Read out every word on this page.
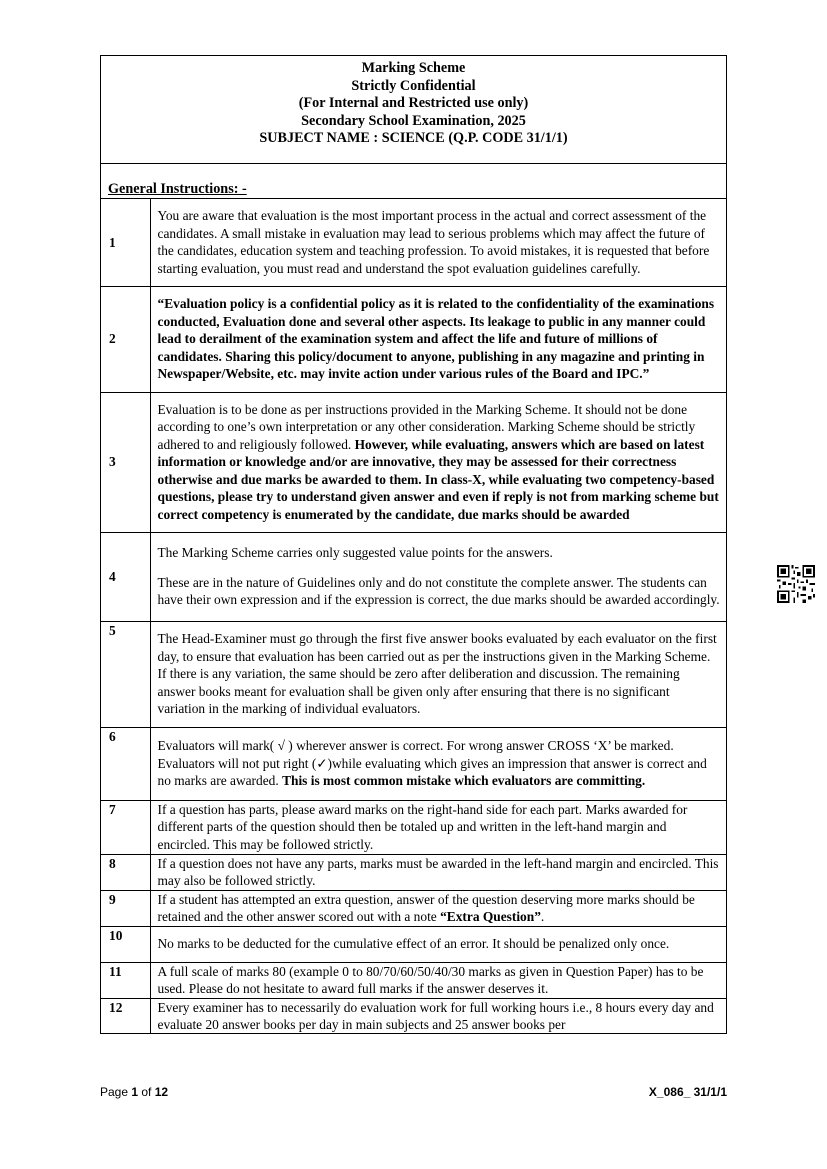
Marking Scheme
Strictly Confidential
(For Internal and Restricted use only)
Secondary School Examination, 2025
SUBJECT NAME : SCIENCE (Q.P. CODE 31/1/1)
General Instructions: -
1	You are aware that evaluation is the most important process in the actual and correct assessment of the candidates. A small mistake in evaluation may lead to serious problems which may affect the future of the candidates, education system and teaching profession. To avoid mistakes, it is requested that before starting evaluation, you must read and understand the spot evaluation guidelines carefully.
2	“Evaluation policy is a confidential policy as it is related to the confidentiality of the examinations conducted, Evaluation done and several other aspects. Its leakage to public in any manner could lead to derailment of the examination system and affect the life and future of millions of candidates. Sharing this policy/document to anyone, publishing in any magazine and printing in Newspaper/Website, etc. may invite action under various rules of the Board and IPC.”
3	Evaluation is to be done as per instructions provided in the Marking Scheme. It should not be done according to one’s own interpretation or any other consideration. Marking Scheme should be strictly adhered to and religiously followed. However, while evaluating, answers which are based on latest information or knowledge and/or are innovative, they may be assessed for their correctness otherwise and due marks be awarded to them. In class-X, while evaluating two competency-based questions, please try to understand given answer and even if reply is not from marking scheme but correct competency is enumerated by the candidate, due marks should be awarded
4	The Marking Scheme carries only suggested value points for the answers.
These are in the nature of Guidelines only and do not constitute the complete answer. The students can have their own expression and if the expression is correct, the due marks should be awarded accordingly.

5	The Head-Examiner must go through the first five answer books evaluated by each evaluator on the first day, to ensure that evaluation has been carried out as per the instructions given in the Marking Scheme. If there is any variation, the same should be zero after deliberation and discussion. The remaining answer books meant for evaluation shall be given only after ensuring that there is no significant variation in the marking of individual evaluators.
6	Evaluators will mark( √ ) wherever answer is correct. For wrong answer CROSS ‘X’ be marked. Evaluators will not put right (✓)while evaluating which gives an impression that answer is correct and no marks are awarded. This is most common mistake which evaluators are committing.
7	If a question has parts, please award marks on the right-hand side for each part. Marks awarded for different parts of the question should then be totaled up and written in the left-hand margin and encircled. This may be followed strictly.
8	If a question does not have any parts, marks must be awarded in the left-hand margin and encircled. This may also be followed strictly.
9	If a student has attempted an extra question, answer of the question deserving more marks should be retained and the other answer scored out with a note “Extra Question”.
10	No marks to be deducted for the cumulative effect of an error. It should be penalized only once.
11	A full scale of marks 80 (example 0 to 80/70/60/50/40/30 marks as given in Question Paper) has to be used. Please do not hesitate to award full marks if the answer deserves it.
12	Every examiner has to necessarily do evaluation work for full working hours i.e., 8 hours every day and evaluate 20 answer books per day in main subjects and 25 answer books per
Page 1 of 12	X_086_ 31/1/1
